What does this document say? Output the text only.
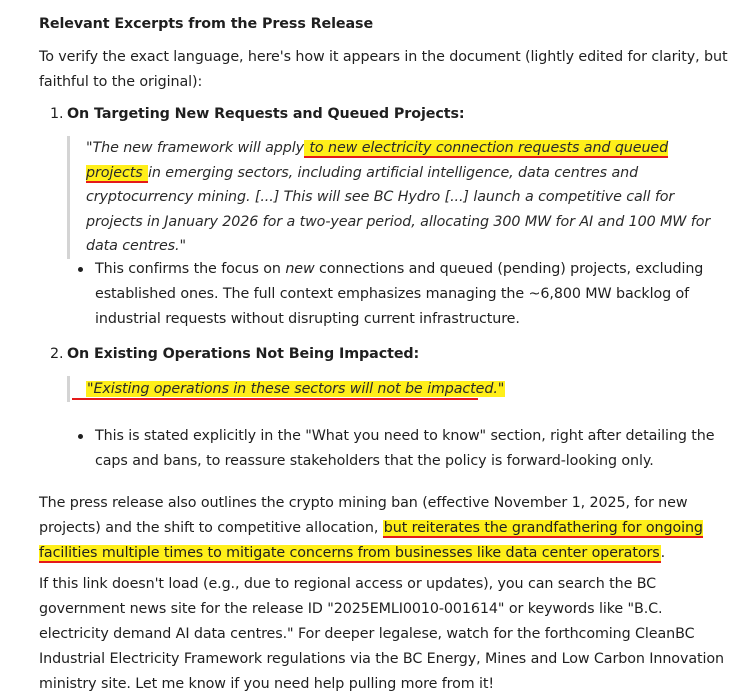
Relevant Excerpts from the Press Release
To verify the exact language, here's how it appears in the document (lightly edited for clarity, but faithful to the original):
1. On Targeting New Requests and Queued Projects:
"The new framework will apply to new electricity connection requests and queued projects in emerging sectors, including artificial intelligence, data centres and cryptocurrency mining. [...] This will see BC Hydro [...] launch a competitive call for projects in January 2026 for a two-year period, allocating 300 MW for AI and 100 MW for data centres."
This confirms the focus on new connections and queued (pending) projects, excluding established ones. The full context emphasizes managing the ~6,800 MW backlog of industrial requests without disrupting current infrastructure.
2. On Existing Operations Not Being Impacted:
"Existing operations in these sectors will not be impacted."
This is stated explicitly in the "What you need to know" section, right after detailing the caps and bans, to reassure stakeholders that the policy is forward-looking only.
The press release also outlines the crypto mining ban (effective November 1, 2025, for new projects) and the shift to competitive allocation, but reiterates the grandfathering for ongoing facilities multiple times to mitigate concerns from businesses like data center operators.
If this link doesn't load (e.g., due to regional access or updates), you can search the BC government news site for the release ID "2025EMLI0010-001614" or keywords like "B.C. electricity demand AI data centres." For deeper legalese, watch for the forthcoming CleanBC Industrial Electricity Framework regulations via the BC Energy, Mines and Low Carbon Innovation ministry site. Let me know if you need help pulling more from it!
